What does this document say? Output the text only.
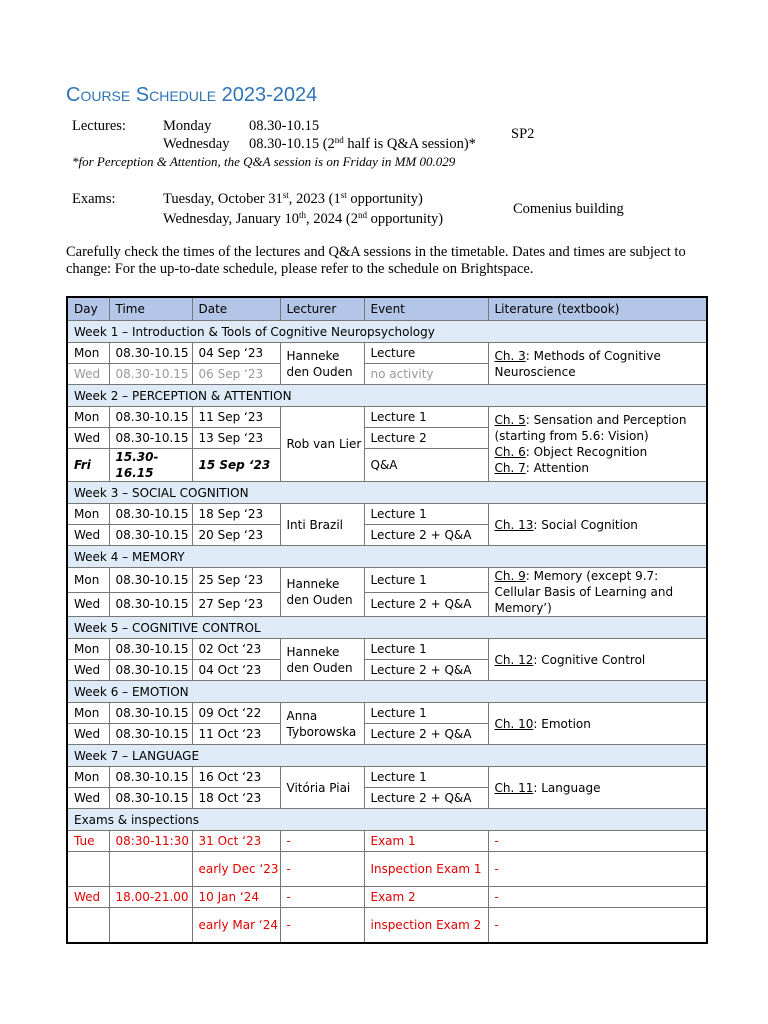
Course Schedule 2023-2024
Lectures:	Monday	08.30-10.15
Wednesday 08.30-10.15 (2nd half is Q&A session)*
SP2
*for Perception & Attention, the Q&A session is on Friday in MM 00.029
Exams:	Tuesday, October 31st, 2023 (1st opportunity)
Wednesday, January 10th, 2024 (2nd opportunity)
Comenius building
Carefully check the times of the lectures and Q&A sessions in the timetable. Dates and times are subject to change: For the up-to-date schedule, please refer to the schedule on Brightspace.
Day	Time	Date	Lecturer	Event	Literature (textbook)
Week 1 – Introduction & Tools of Cognitive Neuropsychology					
Mon	08.30-10.15	04 Sep ‘23	Hanneke den Ouden	Lecture	Ch. 3: Methods of Cognitive Neuroscience
Wed	08.30-10.15	06 Sep ‘23		no activity	
Week 2 – PERCEPTION & ATTENTION					
Mon	08.30-10.15	11 Sep ‘23	Rob van Lier	Lecture 1	Ch. 5: Sensation and Perception (starting from 5.6: Vision)
Ch. 6: Object Recognition
Ch. 7: Attention

Wed	08.30-10.15	13 Sep ‘23		Lecture 2	
Fri	15.30-16.15	15 Sep ‘23		Q&A	
Week 3 – SOCIAL COGNITION					
Mon	08.30-10.15	18 Sep ‘23	Inti Brazil	Lecture 1	Ch. 13: Social Cognition
Wed	08.30-10.15	20 Sep ‘23		Lecture 2 + Q&A	
Week 4 – MEMORY					
Mon	08.30-10.15	25 Sep ‘23	Hanneke den Ouden	Lecture 1	Ch. 9: Memory (except 9.7: Cellular Basis of Learning and Memory’)
Wed	08.30-10.15	27 Sep ‘23		Lecture 2 + Q&A	
Week 5 – COGNITIVE CONTROL					
Mon	08.30-10.15	02 Oct ‘23	Hanneke den Ouden	Lecture 1	Ch. 12: Cognitive Control
Wed	08.30-10.15	04 Oct ‘23		Lecture 2 + Q&A	
Week 6 – EMOTION					
Mon	08.30-10.15	09 Oct ‘22	Anna Tyborowska	Lecture 1	Ch. 10: Emotion
Wed	08.30-10.15	11 Oct ‘23		Lecture 2 + Q&A	
Week 7 – LANGUAGE					
Mon	08.30-10.15	16 Oct ‘23	Vitória Piai	Lecture 1	Ch. 11: Language
Wed	08.30-10.15	18 Oct ‘23		Lecture 2 + Q&A	
Exams & inspections					
Tue	08:30-11:30	31 Oct ‘23	-	Exam 1	-
		early Dec ‘23	-	Inspection Exam 1	-
Wed	18.00-21.00	10 Jan ‘24	-	Exam 2	-
		early Mar ‘24	-	inspection Exam 2	-
